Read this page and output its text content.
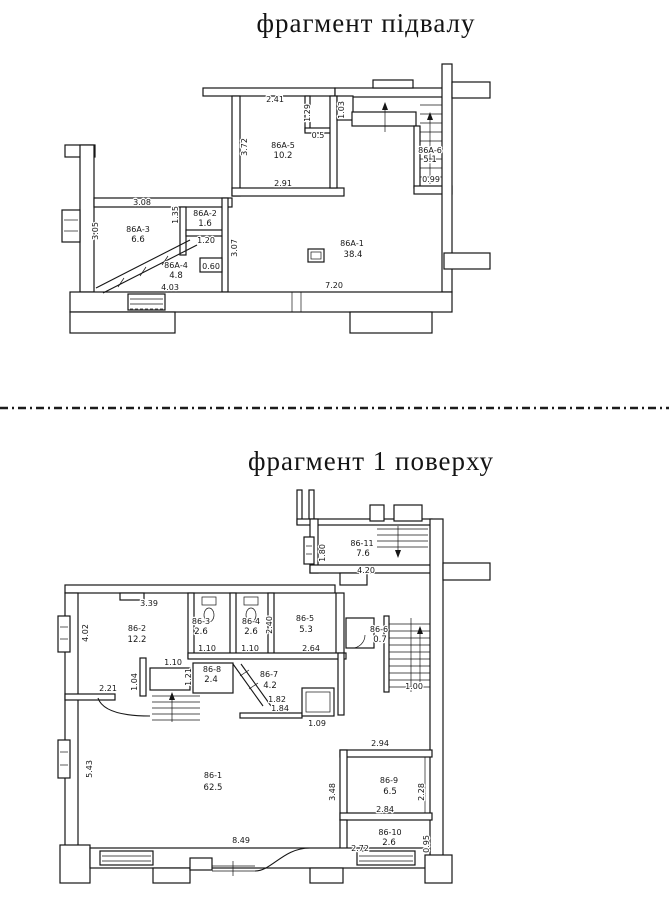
фрагмент підвалу
2.41
1.29
0.5
3.72
2.91
1.03
0.99
3.08
1.35
3.05
1.20 3.07
0.60
4.03	7.20
86А-5
10.2
86А-3
6.6
86А-2
1.6
86А-4
4.8
86А-1
38.4
86А-6
5.1
фрагмент 1 поверху
86-11
7.6
1.80
4.20
3.39
4.02	86-2
12.2
1.10
1.04
2.21
86-3
2.6
1.10
86-4
2.6
1.10
2.40	86-5
5.3
2.64
86-6
0.7
86-8
2.4
1.21	86-7
4.2
1.82
1.84
1.09
1.00
86-1
62.5
5.43
8.49
2.94
86-9
6.5	2.28
2.84
3.48
86-10
2.6
2.72	0.95
